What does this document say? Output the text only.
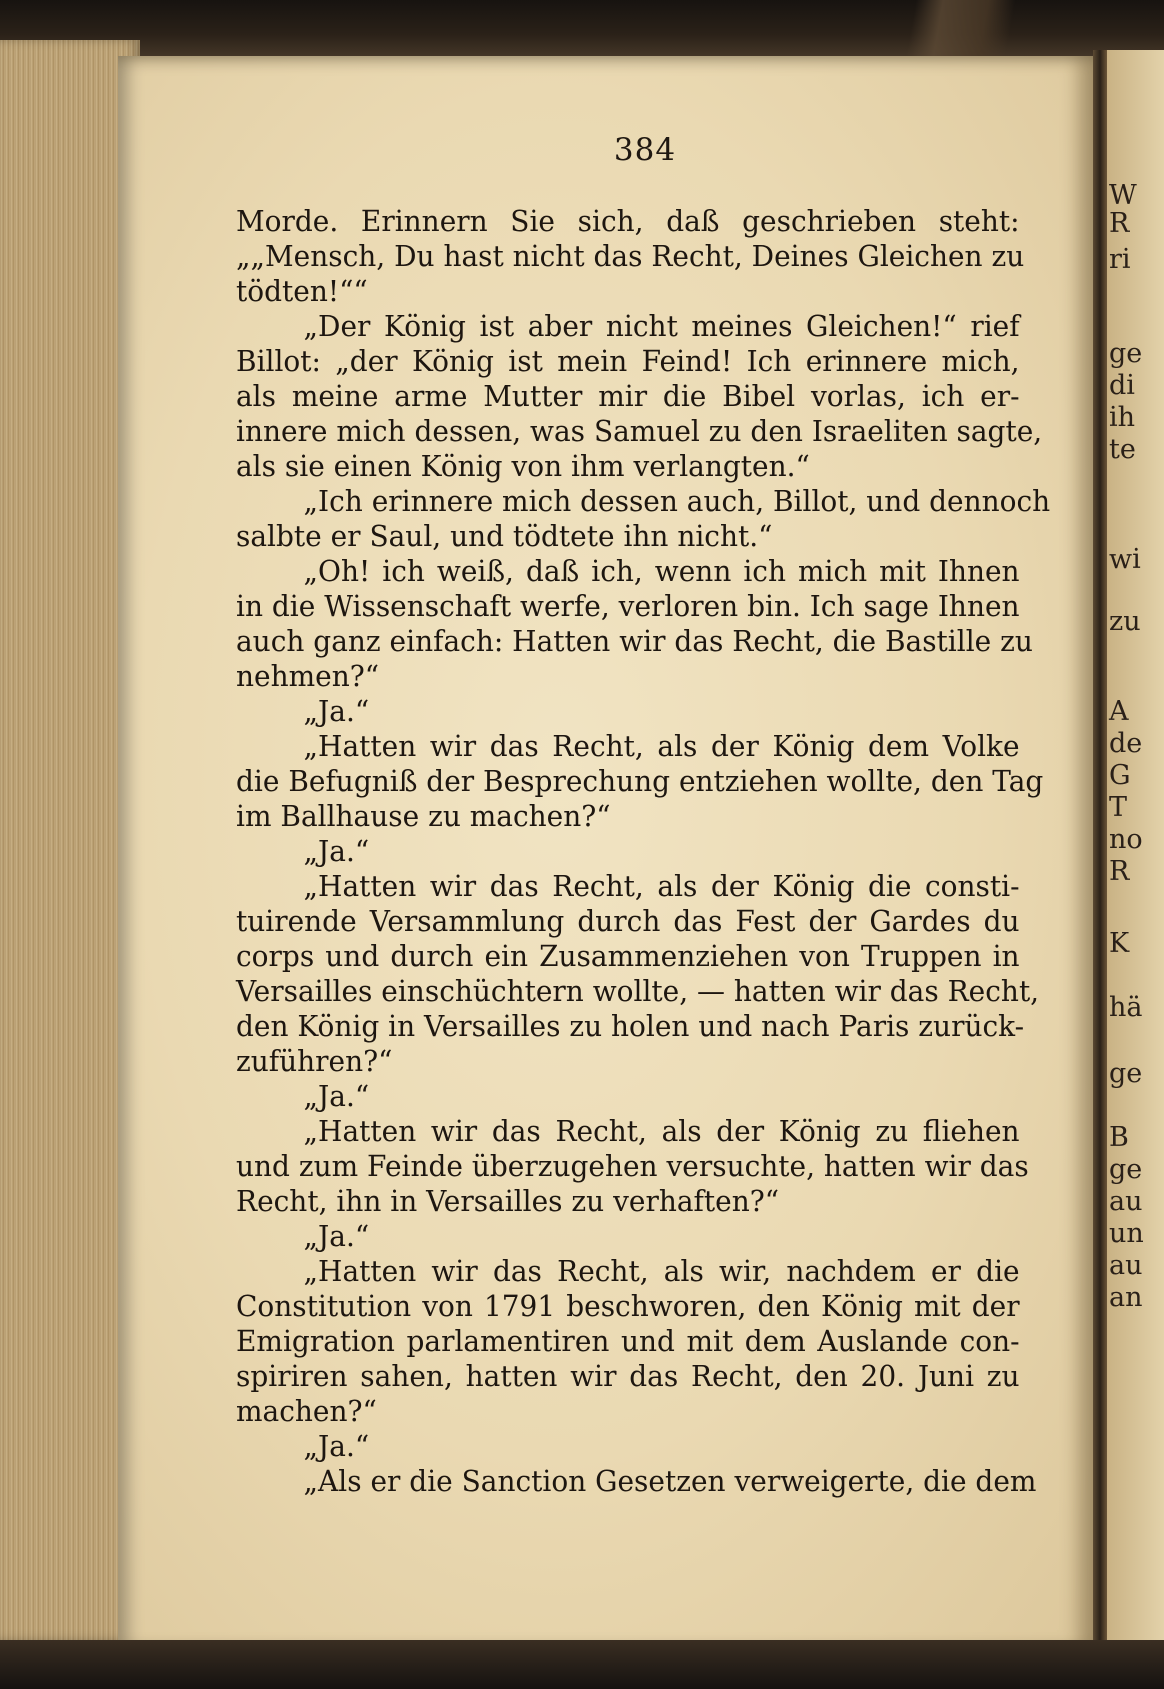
384
Morde. Erinnern Sie sich, daß geschrieben steht:
„„Mensch, Du hast nicht das Recht, Deines Gleichen zu
tödten!““
„Der König ist aber nicht meines Gleichen!“ rief
Billot: „der König ist mein Feind! Ich erinnere mich,
als meine arme Mutter mir die Bibel vorlas, ich er-
innere mich dessen, was Samuel zu den Israeliten sagte,
als sie einen König von ihm verlangten.“
„Ich erinnere mich dessen auch, Billot, und dennoch
salbte er Saul, und tödtete ihn nicht.“
„Oh! ich weiß, daß ich, wenn ich mich mit Ihnen
in die Wissenschaft werfe, verloren bin. Ich sage Ihnen
auch ganz einfach: Hatten wir das Recht, die Bastille zu
nehmen?“
„Ja.“
„Hatten wir das Recht, als der König dem Volke
die Befugniß der Besprechung entziehen wollte, den Tag
im Ballhause zu machen?“
„Ja.“
„Hatten wir das Recht, als der König die consti-
tuirende Versammlung durch das Fest der Gardes du
corps und durch ein Zusammenziehen von Truppen in
Versailles einschüchtern wollte, — hatten wir das Recht,
den König in Versailles zu holen und nach Paris zurück-
zuführen?“
„Ja.“
„Hatten wir das Recht, als der König zu fliehen
und zum Feinde überzugehen versuchte, hatten wir das
Recht, ihn in Versailles zu verhaften?“
„Ja.“
„Hatten wir das Recht, als wir, nachdem er die
Constitution von 1791 beschworen, den König mit der
Emigration parlamentiren und mit dem Auslande con-
spiriren sahen, hatten wir das Recht, den 20. Juni zu
machen?“
„Ja.“
„Als er die Sanction Gesetzen verweigerte, die dem
W
R
ri
ge
di
ih
te
wi
zu
A
de
G
T
no
R
K
hä
ge
B
ge
au
un
au
an
